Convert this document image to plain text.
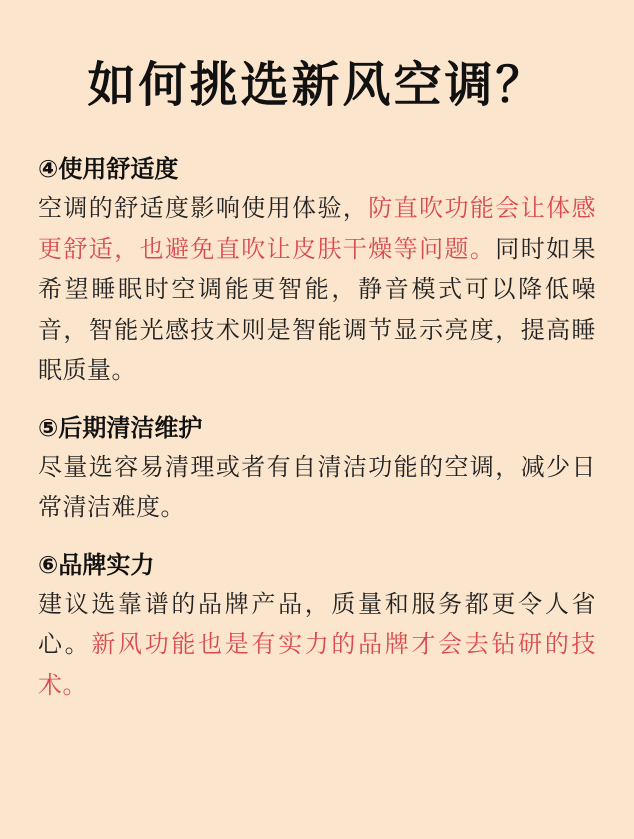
如何挑选新风空调？
④使用舒适度

空调的舒适度影响使用体验，防直吹功能会让体感更舒适，也避免直吹让皮肤干燥等问题。同时如果希望睡眠时空调能更智能，静音模式可以降低噪音，智能光感技术则是智能调节显示亮度，提高睡眠质量。

⑤后期清洁维护

尽量选容易清理或者有自清洁功能的空调，减少日常清洁难度。

⑥品牌实力

建议选靠谱的品牌产品，质量和服务都更令人省心。新风功能也是有实力的品牌才会去钻研的技术。
